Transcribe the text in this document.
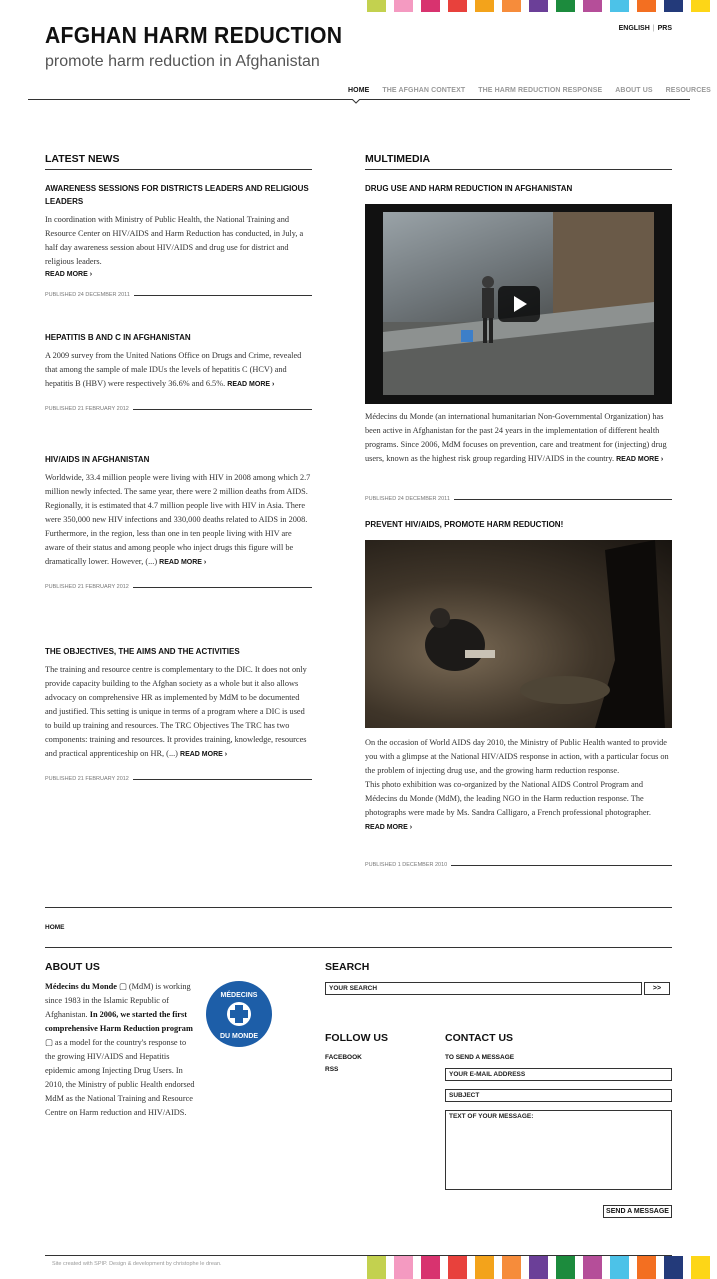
AFGHAN HARM REDUCTION
promote harm reduction in Afghanistan
ENGLISH | PRS
HOME THE AFGHAN CONTEXT THE HARM REDUCTION RESPONSE ABOUT US RESOURCES
LATEST NEWS
AWARENESS SESSIONS FOR DISTRICTS LEADERS AND RELIGIOUS LEADERS
In coordination with Ministry of Public Health, the National Training and Resource Center on HIV/AIDS and Harm Reduction has conducted, in July, a half day awareness session about HIV/AIDS and drug use for district and religious leaders.
READ MORE ›
PUBLISHED 24 DECEMBER 2011
HEPATITIS B AND C IN AFGHANISTAN
A 2009 survey from the United Nations Office on Drugs and Crime, revealed that among the sample of male IDUs the levels of hepatitis C (HCV) and hepatitis B (HBV) were respectively 36.6% and 6.5%. READ MORE ›
PUBLISHED 21 FEBRUARY 2012
HIV/AIDS IN AFGHANISTAN
Worldwide, 33.4 million people were living with HIV in 2008 among which 2.7 million newly infected. The same year, there were 2 million deaths from AIDS. Regionally, it is estimated that 4.7 million people live with HIV in Asia. There were 350,000 new HIV infections and 330,000 deaths related to AIDS in 2008. Furthermore, in the region, less than one in ten people living with HIV are aware of their status and among people who inject drugs this figure will be dramatically lower. However, (...) READ MORE ›
PUBLISHED 21 FEBRUARY 2012
THE OBJECTIVES, THE AIMS AND THE ACTIVITIES
The training and resource centre is complementary to the DIC. It does not only provide capacity building to the Afghan society as a whole but it also allows advocacy on comprehensive HR as implemented by MdM to be documented and justified. This setting is unique in terms of a program where a DIC is used to build up training and resources. The TRC Objectives The TRC has two components: training and resources. It provides training, knowledge, resources and practical apprenticeship on HR, (...) READ MORE ›
PUBLISHED 21 FEBRUARY 2012
MULTIMEDIA
DRUG USE AND HARM REDUCTION IN AFGHANISTAN
Médecins du Monde (an international humanitarian Non-Governmental Organization) has been active in Afghanistan for the past 24 years in the implementation of different health programs. Since 2006, MdM focuses on prevention, care and treatment for (injecting) drug users, known as the highest risk group regarding HIV/AIDS in the country. READ MORE ›
PUBLISHED 24 DECEMBER 2011
PREVENT HIV/AIDS, PROMOTE HARM REDUCTION!
On the occasion of World AIDS day 2010, the Ministry of Public Health wanted to provide you with a glimpse at the National HIV/AIDS response in action, with a particular focus on the problem of injecting drug use, and the growing harm reduction response.
This photo exhibition was co-organized by the National AIDS Control Program and Médecins du Monde (MdM), the leading NGO in the Harm reduction response. The photographs were made by Ms. Sandra Calligaro, a French professional photographer. READ MORE ›
PUBLISHED 1 DECEMBER 2010
HOME
ABOUT US
Médecins du Monde ▢ (MdM) is working since 1983 in the Islamic Republic of Afghanistan. In 2006, we started the first comprehensive Harm Reduction program ▢ as a model for the country's response to the growing HIV/AIDS and Hepatitis epidemic among Injecting Drug Users. In 2010, the Ministry of public Health endorsed MdM as the National Training and Resource Centre on Harm reduction and HIV/AIDS.
MÉDECINS
DU MONDE
SEARCH
YOUR SEARCH	>>
FOLLOW US
FACEBOOK
RSS
CONTACT US
TO SEND A MESSAGE
YOUR E-MAIL ADDRESS
SUBJECT
TEXT OF YOUR MESSAGE:
SEND A MESSAGE
Site created with SPIP. Design & development by christophe le drean.
